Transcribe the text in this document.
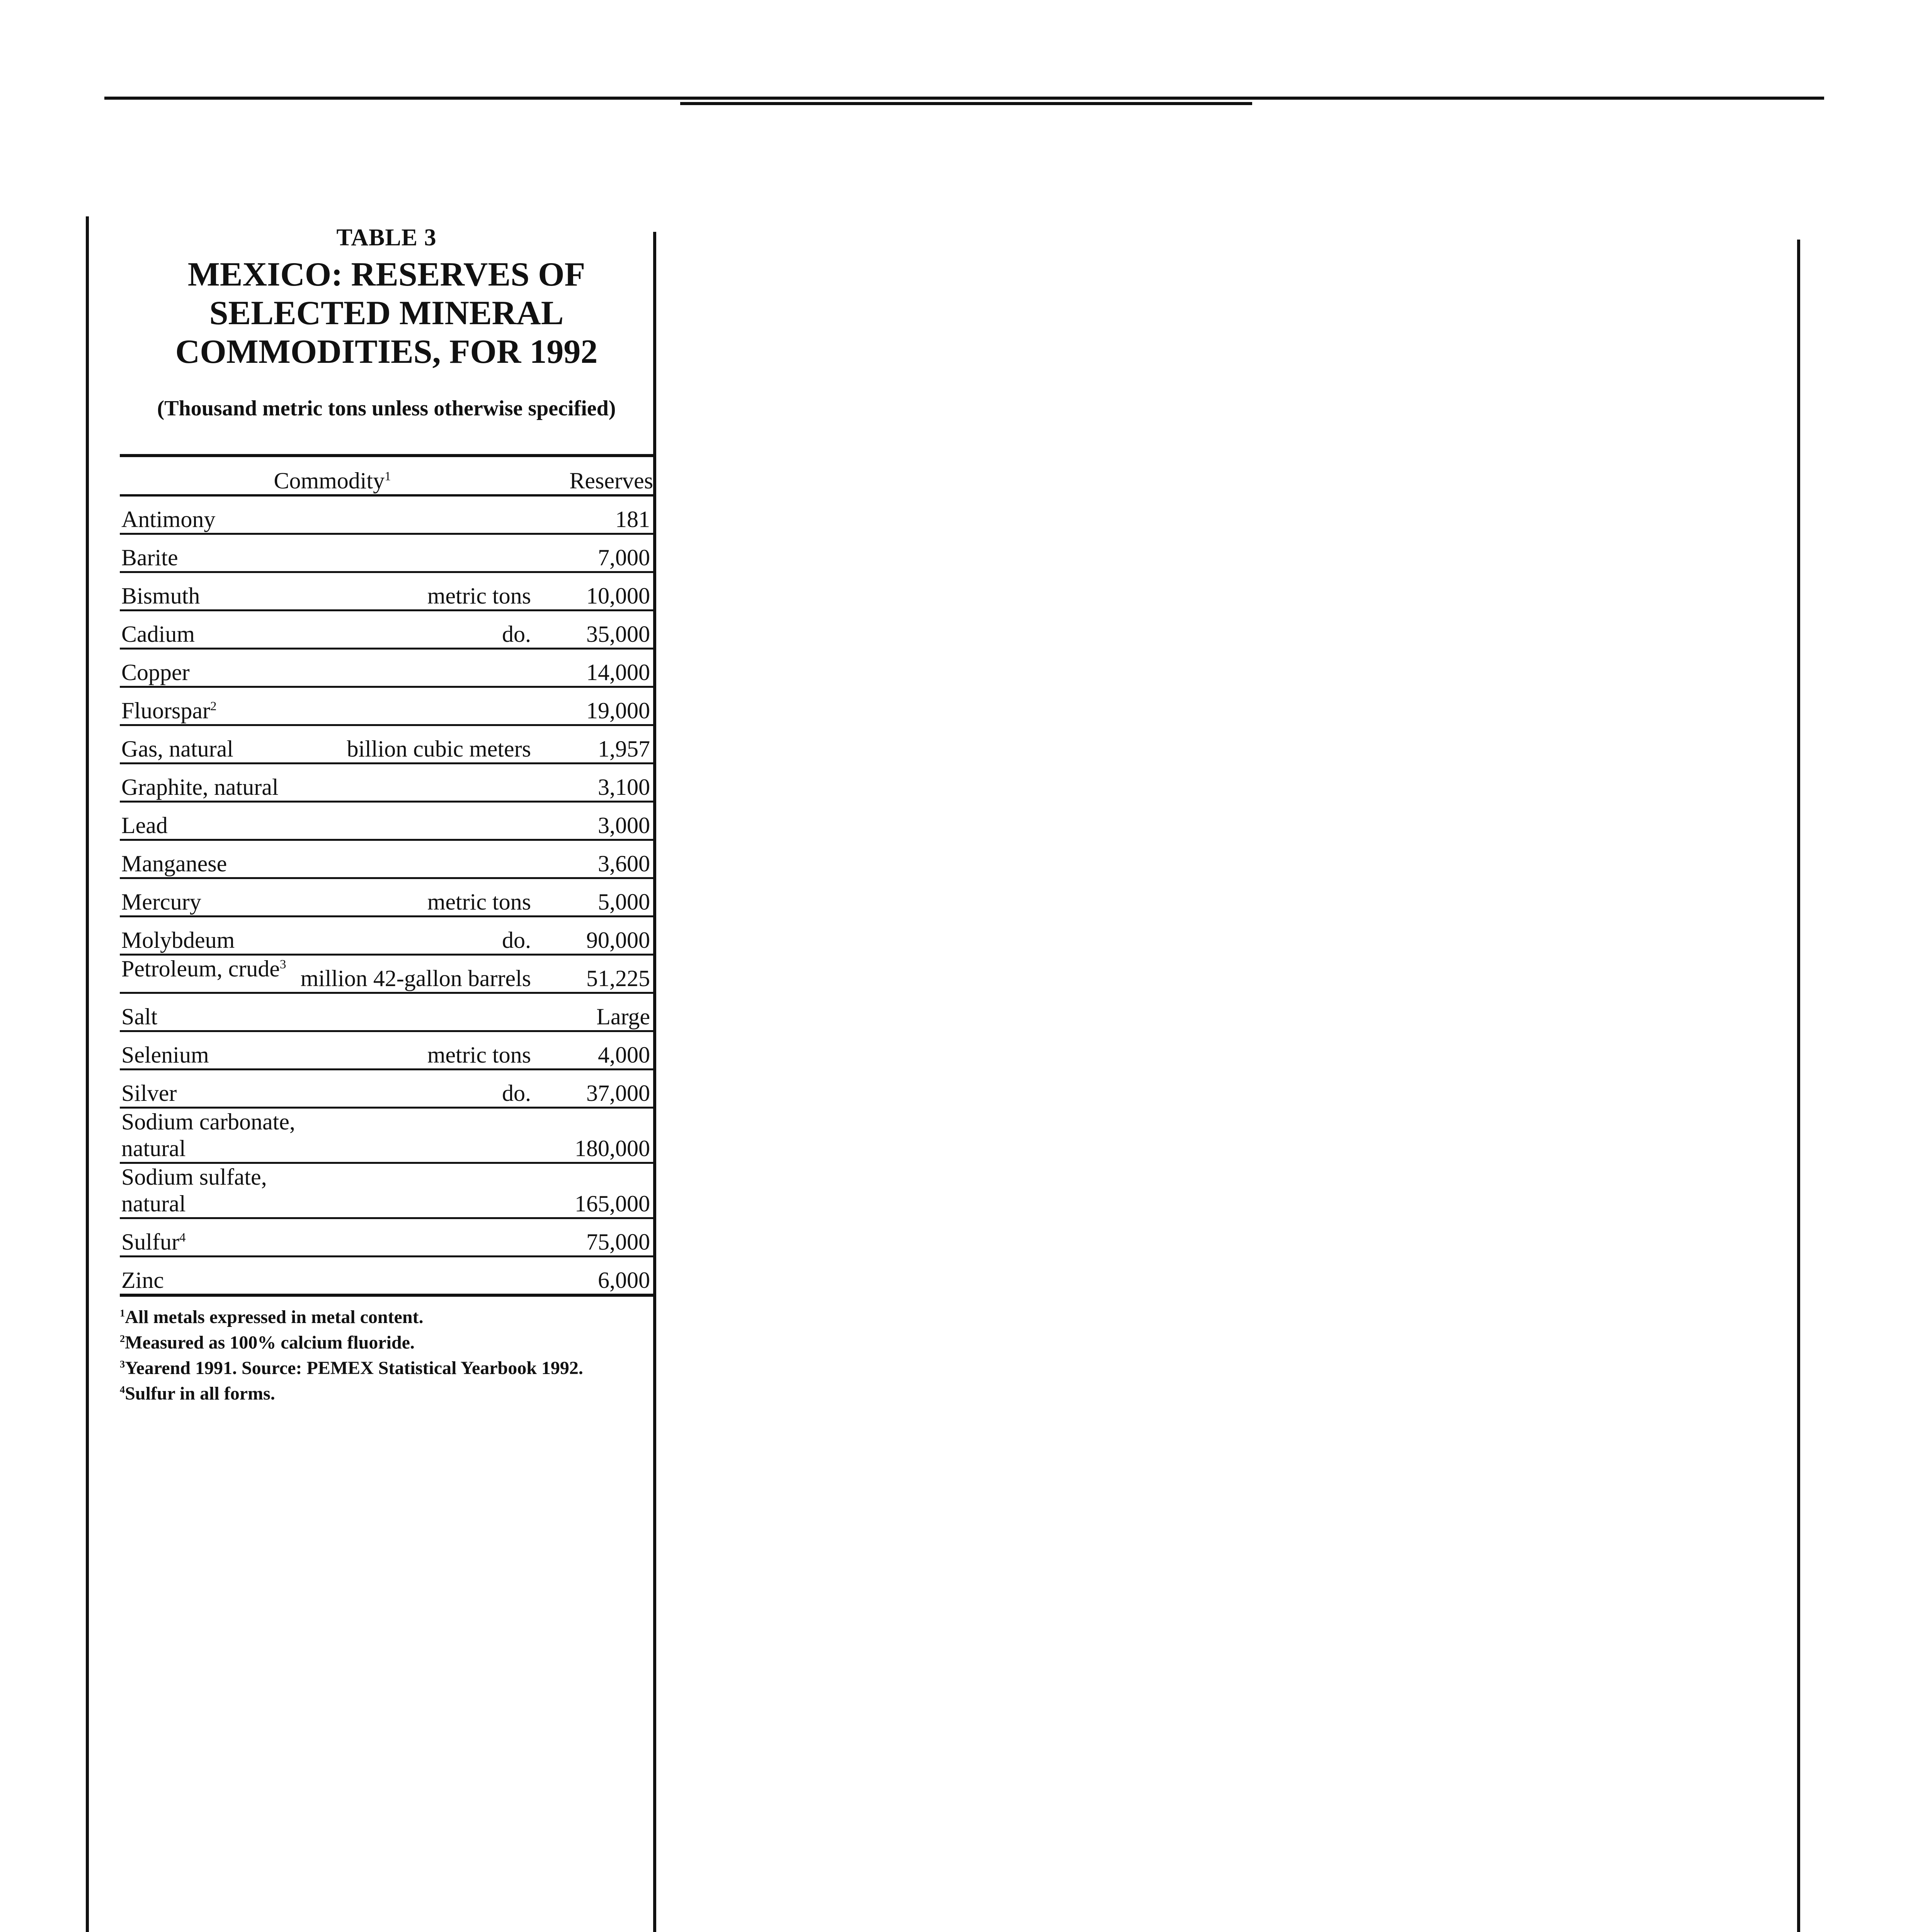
TABLE 3
MEXICO: RESERVES OF
SELECTED MINERAL
COMMODITIES, FOR 1992
(Thousand metric tons unless otherwise specified)
Commodity$^1$		Reserves
Antimony		181
Barite		7,000
Bismuth	metric tons	10,000
Cadium	do.	35,000
Copper		14,000
Fluorspar$^2$		19,000
Gas, natural	billion cubic meters	1,957
Graphite, natural		3,100
Lead		3,000
Manganese		3,600
Mercury	metric tons	5,000
Molybdeum	do.	90,000
Petroleum, crude$^3$	million 42-gallon barrels	51,225
Salt		Large
Selenium	metric tons	4,000
Silver	do.	37,000
Sodium carbonate, natural		180,000
Sodium sulfate, natural		165,000
Sulfur$^4$		75,000
Zinc		6,000
$^1$All metals expressed in metal content.
$^2$Measured as 100% calcium fluoride.
$^3$Yearend 1991. Source: PEMEX Statistical Yearbook 1992.
$^4$Sulfur in all forms.
